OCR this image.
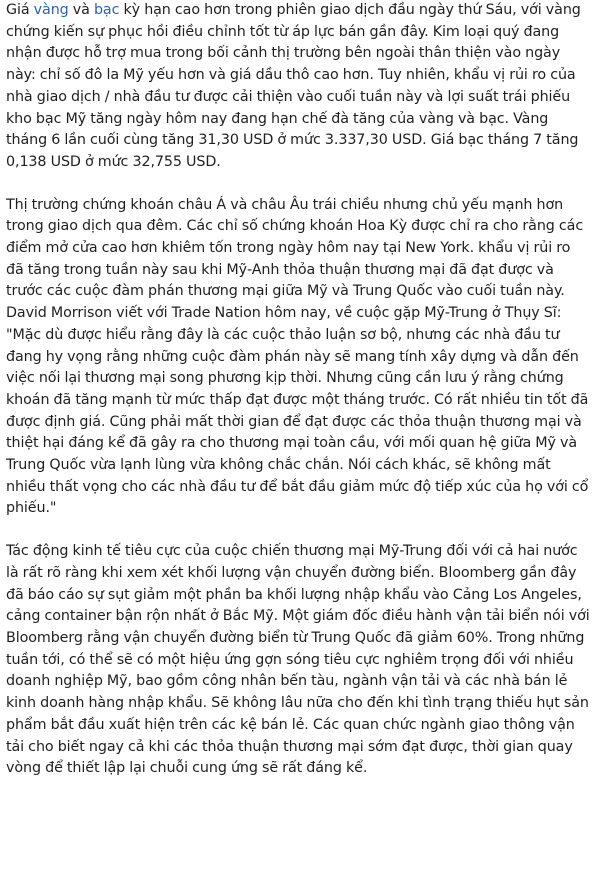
Giá vàng và bạc kỳ hạn cao hơn trong phiên giao dịch đầu ngày thứ Sáu, với vàng chứng kiến sự phục hồi điều chỉnh tốt từ áp lực bán gần đây. Kim loại quý đang nhận được hỗ trợ mua trong bối cảnh thị trường bên ngoài thân thiện vào ngày này: chỉ số đô la Mỹ yếu hơn và giá dầu thô cao hơn. Tuy nhiên, khẩu vị rủi ro của nhà giao dịch / nhà đầu tư được cải thiện vào cuối tuần này và lợi suất trái phiếu kho bạc Mỹ tăng ngày hôm nay đang hạn chế đà tăng của vàng và bạc. Vàng tháng 6 lần cuối cùng tăng 31,30 USD ở mức 3.337,30 USD. Giá bạc tháng 7 tăng 0,138 USD ở mức 32,755 USD.

Thị trường chứng khoán châu Á và châu Âu trái chiều nhưng chủ yếu mạnh hơn trong giao dịch qua đêm. Các chỉ số chứng khoán Hoa Kỳ được chỉ ra cho rằng các điểm mở cửa cao hơn khiêm tốn trong ngày hôm nay tại New York. khẩu vị rủi ro đã tăng trong tuần này sau khi Mỹ-Anh thỏa thuận thương mại đã đạt được và trước các cuộc đàm phán thương mại giữa Mỹ và Trung Quốc vào cuối tuần này. David Morrison viết với Trade Nation hôm nay, về cuộc gặp Mỹ-Trung ở Thụy Sĩ: "Mặc dù được hiểu rằng đây là các cuộc thảo luận sơ bộ, nhưng các nhà đầu tư đang hy vọng rằng những cuộc đàm phán này sẽ mang tính xây dựng và dẫn đến việc nối lại thương mại song phương kịp thời. Nhưng cũng cần lưu ý rằng chứng khoán đã tăng mạnh từ mức thấp đạt được một tháng trước. Có rất nhiều tin tốt đã được định giá. Cũng phải mất thời gian để đạt được các thỏa thuận thương mại và thiệt hại đáng kể đã gây ra cho thương mại toàn cầu, với mối quan hệ giữa Mỹ và Trung Quốc vừa lạnh lùng vừa không chắc chắn. Nói cách khác, sẽ không mất nhiều thất vọng cho các nhà đầu tư để bắt đầu giảm mức độ tiếp xúc của họ với cổ phiếu."

Tác động kinh tế tiêu cực của cuộc chiến thương mại Mỹ-Trung đối với cả hai nước là rất rõ ràng khi xem xét khối lượng vận chuyển đường biển. Bloomberg gần đây đã báo cáo sự sụt giảm một phần ba khối lượng nhập khẩu vào Cảng Los Angeles, cảng container bận rộn nhất ở Bắc Mỹ. Một giám đốc điều hành vận tải biển nói với Bloomberg rằng vận chuyển đường biển từ Trung Quốc đã giảm 60%. Trong những tuần tới, có thể sẽ có một hiệu ứng gợn sóng tiêu cực nghiêm trọng đối với nhiều doanh nghiệp Mỹ, bao gồm công nhân bến tàu, ngành vận tải và các nhà bán lẻ kinh doanh hàng nhập khẩu. Sẽ không lâu nữa cho đến khi tình trạng thiếu hụt sản phẩm bắt đầu xuất hiện trên các kệ bán lẻ. Các quan chức ngành giao thông vận tải cho biết ngay cả khi các thỏa thuận thương mại sớm đạt được, thời gian quay vòng để thiết lập lại chuỗi cung ứng sẽ rất đáng kể.
